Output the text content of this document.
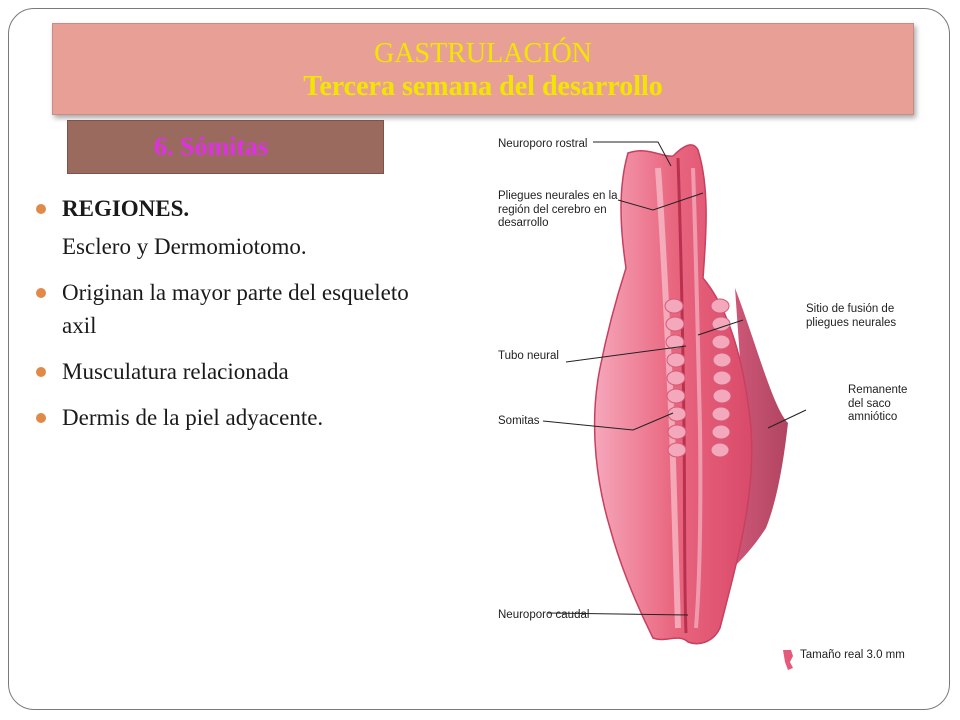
GASTRULACIÓN
Tercera semana del desarrollo
6. Sómitas
REGIONES.
Esclero y Dermomiotomo.
Originan la mayor parte del esqueleto axil
Musculatura relacionada
Dermis de la piel adyacente.
Neuroporo rostral
Pliegues neurales en la región del cerebro en desarrollo
Sitio de fusión de pliegues neurales
Tubo neural
Remanente del saco amniótico
Somitas
Neuroporo caudal
Tamaño real 3.0 mm
